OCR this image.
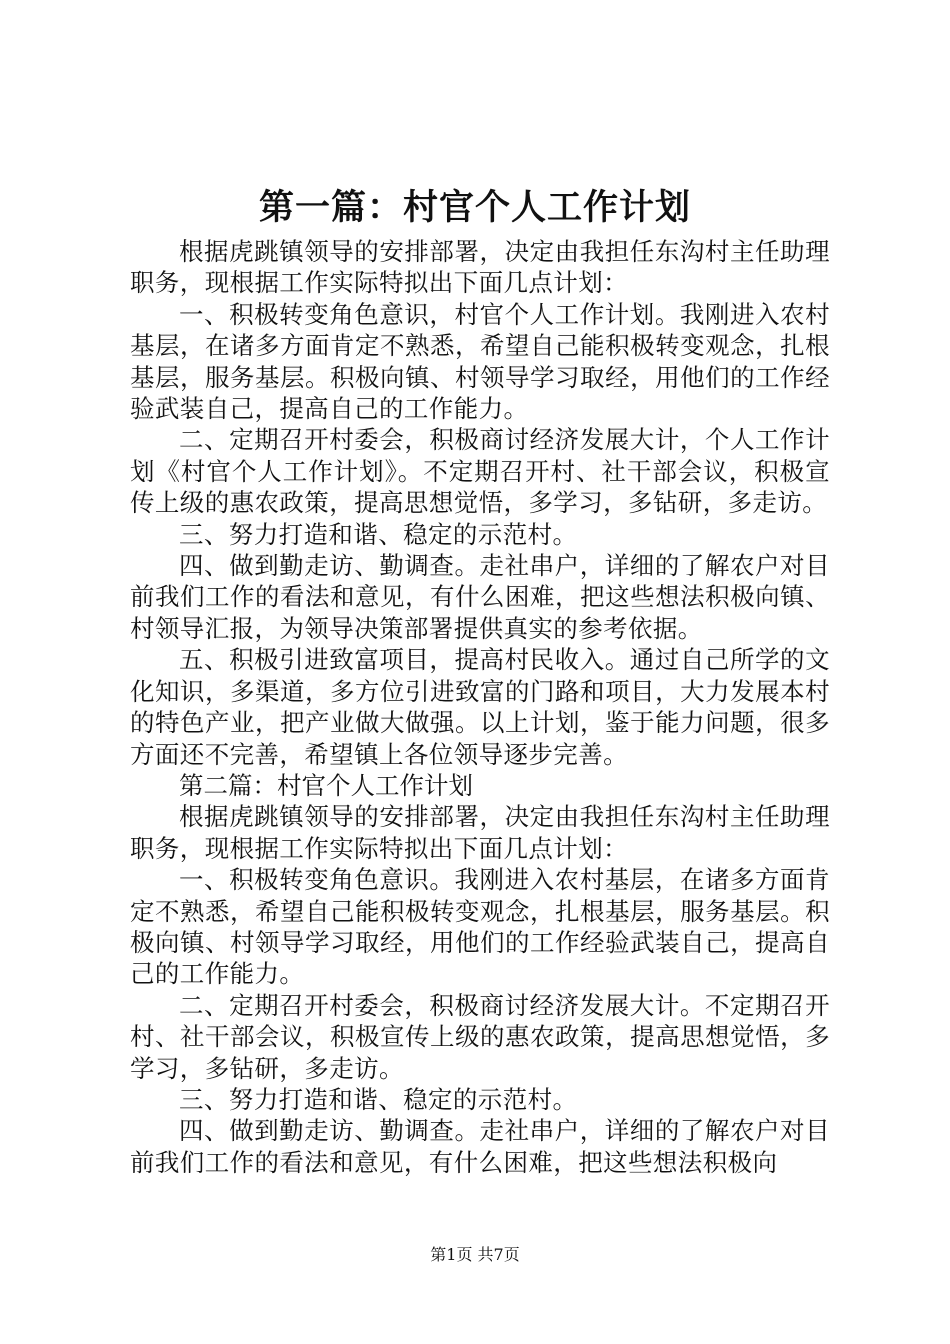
第一篇：村官个人工作计划

根据虎跳镇领导的安排部署，决定由我担任东沟村主任助理职务，现根据工作实际特拟出下面几点计划：

一、积极转变角色意识，村官个人工作计划。我刚进入农村基层，在诸多方面肯定不熟悉，希望自己能积极转变观念，扎根基层，服务基层。积极向镇、村领导学习取经，用他们的工作经验武装自己，提高自己的工作能力。

二、定期召开村委会，积极商讨经济发展大计，个人工作计划《村官个人工作计划》。不定期召开村、社干部会议，积极宣传上级的惠农政策，提高思想觉悟，多学习，多钻研，多走访。

三、努力打造和谐、稳定的示范村。

四、做到勤走访、勤调查。走社串户，详细的了解农户对目前我们工作的看法和意见，有什么困难，把这些想法积极向镇、村领导汇报，为领导决策部署提供真实的参考依据。

五、积极引进致富项目，提高村民收入。通过自己所学的文化知识，多渠道，多方位引进致富的门路和项目，大力发展本村的特色产业，把产业做大做强。以上计划，鉴于能力问题，很多方面还不完善，希望镇上各位领导逐步完善。

第二篇：村官个人工作计划

根据虎跳镇领导的安排部署，决定由我担任东沟村主任助理职务，现根据工作实际特拟出下面几点计划：

一、积极转变角色意识。我刚进入农村基层，在诸多方面肯定不熟悉，希望自己能积极转变观念，扎根基层，服务基层。积极向镇、村领导学习取经，用他们的工作经验武装自己，提高自己的工作能力。

二、定期召开村委会，积极商讨经济发展大计。不定期召开村、社干部会议，积极宣传上级的惠农政策，提高思想觉悟，多学习，多钻研，多走访。

三、努力打造和谐、稳定的示范村。

四、做到勤走访、勤调查。走社串户，详细的了解农户对目前我们工作的看法和意见，有什么困难，把这些想法积极向

第1页 共7页
